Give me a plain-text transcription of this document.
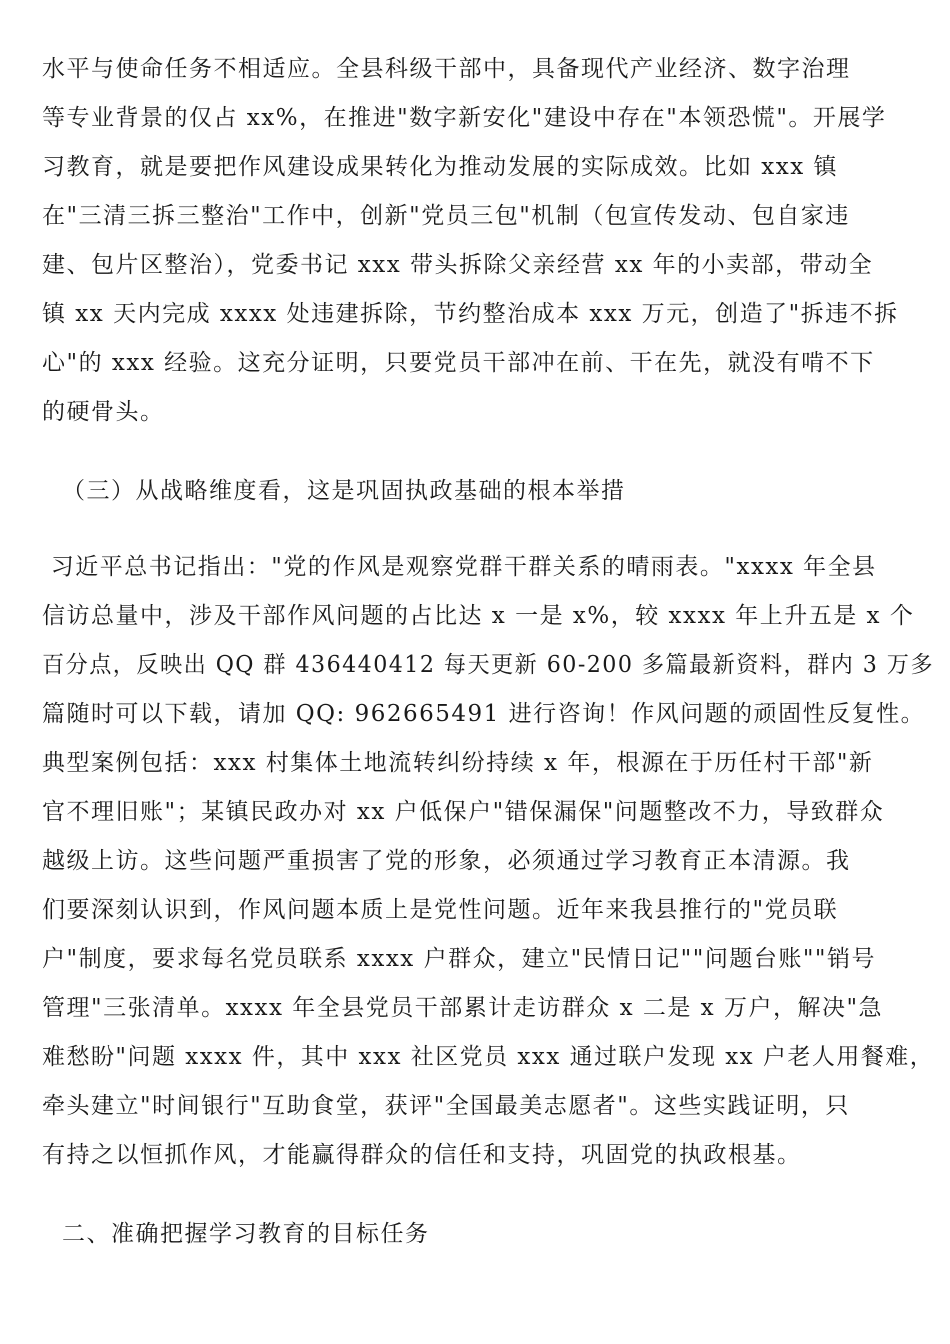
水平与使命任务不相适应。全县科级干部中，具备现代产业经济、数字治理
等专业背景的仅占 xx%，在推进"数字新安化"建设中存在"本领恐慌"。开展学
习教育，就是要把作风建设成果转化为推动发展的实际成效。比如 xxx 镇
在"三清三拆三整治"工作中，创新"党员三包"机制（包宣传发动、包自家违
建、包片区整治），党委书记 xxx 带头拆除父亲经营 xx 年的小卖部，带动全
镇 xx 天内完成 xxxx 处违建拆除，节约整治成本 xxx 万元，创造了"拆违不拆
心"的 xxx 经验。这充分证明，只要党员干部冲在前、干在先，就没有啃不下
的硬骨头。
（三）从战略维度看，这是巩固执政基础的根本举措
习近平总书记指出："党的作风是观察党群干群关系的晴雨表。"xxxx 年全县
信访总量中，涉及干部作风问题的占比达 x 一是 x%，较 xxxx 年上升五是 x 个
百分点，反映出 QQ 群 436440412 每天更新 60-200 多篇最新资料，群内 3 万多
篇随时可以下载，请加 QQ: 962665491 进行咨询！作风问题的顽固性反复性。
典型案例包括：xxx 村集体土地流转纠纷持续 x 年，根源在于历任村干部"新
官不理旧账"；某镇民政办对 xx 户低保户"错保漏保"问题整改不力，导致群众
越级上访。这些问题严重损害了党的形象，必须通过学习教育正本清源。我
们要深刻认识到，作风问题本质上是党性问题。近年来我县推行的"党员联
户"制度，要求每名党员联系 xxxx 户群众，建立"民情日记""问题台账""销号
管理"三张清单。xxxx 年全县党员干部累计走访群众 x 二是 x 万户，解决"急
难愁盼"问题 xxxx 件，其中 xxx 社区党员 xxx 通过联户发现 xx 户老人用餐难，
牵头建立"时间银行"互助食堂，获评"全国最美志愿者"。这些实践证明，只
有持之以恒抓作风，才能赢得群众的信任和支持，巩固党的执政根基。
二、准确把握学习教育的目标任务
